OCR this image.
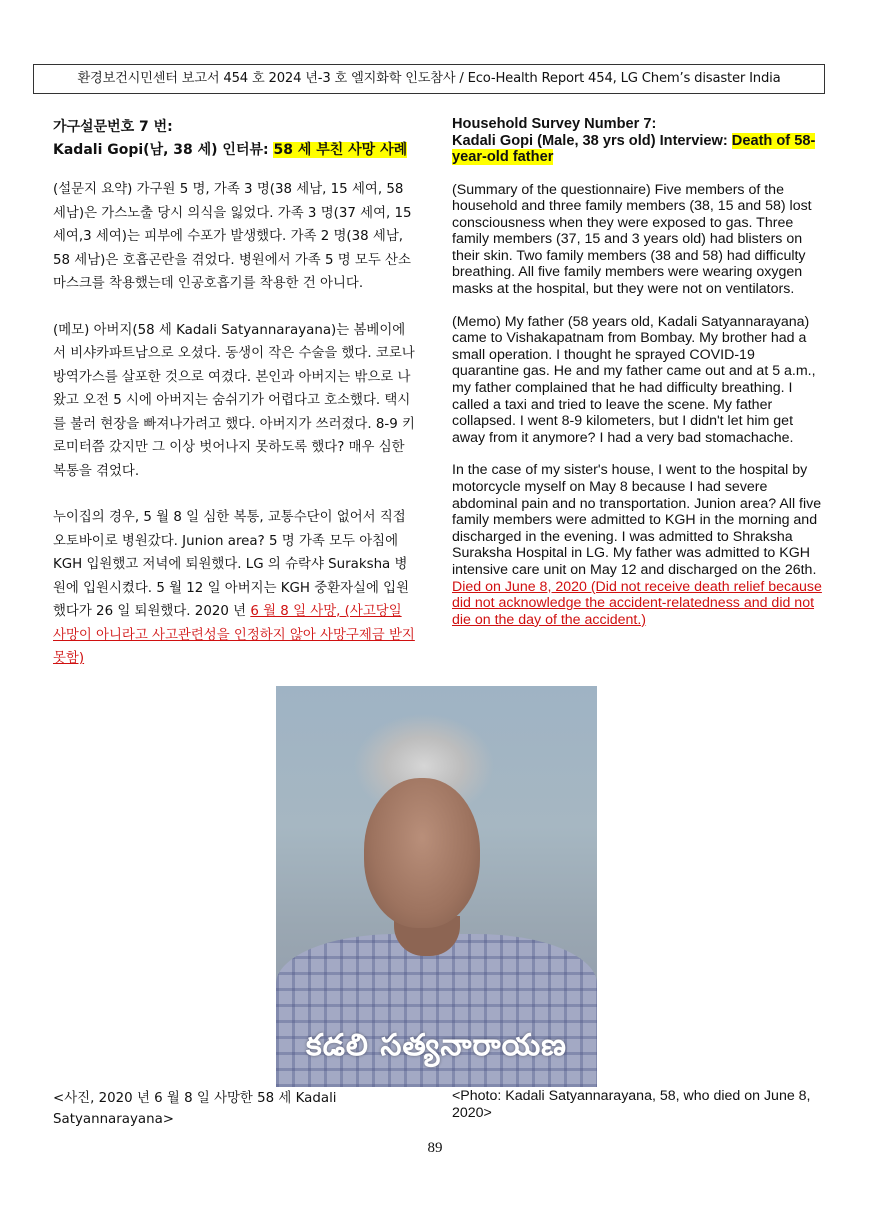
환경보건시민센터 보고서 454 호 2024 년-3 호 엘지화학 인도참사 / Eco-Health Report 454, LG Chem’s disaster India

가구설문번호 7 번:

Kadali Gopi(남, 38 세) 인터뷰: 58 세 부친 사망 사례

(설문지 요약) 가구원 5 명, 가족 3 명(38 세남, 15 세여, 58 세남)은 가스노출 당시 의식을 잃었다. 가족 3 명(37 세여, 15 세여,3 세여)는 피부에 수포가 발생했다. 가족 2 명(38 세남, 58 세남)은 호흡곤란을 겪었다. 병원에서 가족 5 명 모두 산소마스크를 착용했는데 인공호흡기를 착용한 건 아니다.

(메모) 아버지(58 세 Kadali Satyannarayana)는 봄베이에서 비샤카파트남으로 오셨다. 동생이 작은 수술을 했다. 코로나 방역가스를 살포한 것으로 여겼다. 본인과 아버지는 밖으로 나왔고 오전 5 시에 아버지는 숨쉬기가 어렵다고 호소했다. 택시를 불러 현장을 빠져나가려고 했다. 아버지가 쓰러졌다. 8-9 키로미터쯤 갔지만 그 이상 벗어나지 못하도록 했다? 매우 심한 복통을 겪었다.

누이집의 경우, 5 월 8 일 심한 복통, 교통수단이 없어서 직접 오토바이로 병원갔다. Junion area? 5 명 가족 모두 아침에 KGH 입원했고 저녁에 퇴원했다. LG 의 슈락샤 Suraksha 병원에 입원시켰다. 5 월 12 일 아버지는 KGH 중환자실에 입원했다가 26 일 퇴원했다. 2020 년 6 월 8 일 사망, (사고당일 사망이 아니라고 사고관련성을 인정하지 않아 사망구제금 받지 못함)

Household Survey Number 7:

Kadali Gopi (Male, 38 yrs old) Interview: Death of 58-year-old father

(Summary of the questionnaire) Five members of the household and three family members (38, 15 and 58) lost consciousness when they were exposed to gas. Three family members (37, 15 and 3 years old) had blisters on their skin. Two family members (38 and 58) had difficulty breathing. All five family members were wearing oxygen masks at the hospital, but they were not on ventilators.

(Memo) My father (58 years old, Kadali Satyannarayana) came to Vishakapatnam from Bombay. My brother had a small operation. I thought he sprayed COVID-19 quarantine gas. He and my father came out and at 5 a.m., my father complained that he had difficulty breathing. I called a taxi and tried to leave the scene. My father collapsed. I went 8-9 kilometers, but I didn't let him get away from it anymore? I had a very bad stomachache.

In the case of my sister's house, I went to the hospital by motorcycle myself on May 8 because I had severe abdominal pain and no transportation. Junion area? All five family members were admitted to KGH in the morning and discharged in the evening. I was admitted to Shraksha Suraksha Hospital in LG. My father was admitted to KGH intensive care unit on May 12 and discharged on the 26th. Died on June 8, 2020 (Did not receive death relief because did not acknowledge the accident-relatedness and did not die on the day of the accident.)

కడలి సత్యనారాయణ
<사진, 2020 년 6 월 8 일 사망한 58 세 Kadali Satyannarayana>
<Photo: Kadali Satyannarayana, 58, who died on June 8, 2020>
89
